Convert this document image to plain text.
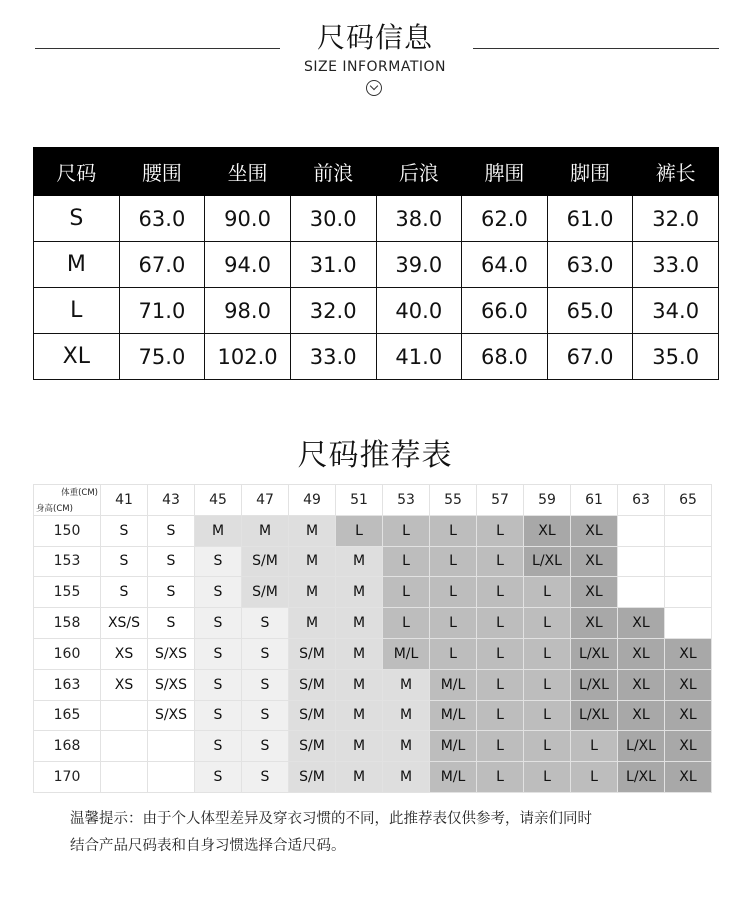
尺码信息
SIZE INFORMATION
尺码	腰围	坐围	前浪	后浪	脾围	脚围	裤长
S	63.0	90.0	30.0	38.0	62.0	61.0	32.0
M	67.0	94.0	31.0	39.0	64.0	63.0	33.0
L	71.0	98.0	32.0	40.0	66.0	65.0	34.0
XL	75.0	102.0	33.0	41.0	68.0	67.0	35.0
尺码推荐表
体重(CM)
身高(CM)	41	43	45	47	49	51	53	55	57	59	61	63	65
150	S	S	M	M	M	L	L	L	L	XL	XL		
153	S	S	S	S/M	M	M	L	L	L	L/XL	XL		
155	S	S	S	S/M	M	M	L	L	L	L	XL		
158	XS/S	S	S	S	M	M	L	L	L	L	XL	XL	
160	XS	S/XS	S	S	S/M	M	M/L	L	L	L	L/XL	XL	XL
163	XS	S/XS	S	S	S/M	M	M	M/L	L	L	L/XL	XL	XL
165		S/XS	S	S	S/M	M	M	M/L	L	L	L/XL	XL	XL
168			S	S	S/M	M	M	M/L	L	L	L	L/XL	XL
170			S	S	S/M	M	M	M/L	L	L	L	L/XL	XL
温馨提示：由于个人体型差异及穿衣习惯的不同，此推荐表仅供参考，请亲们同时
结合产品尺码表和自身习惯选择合适尺码。
